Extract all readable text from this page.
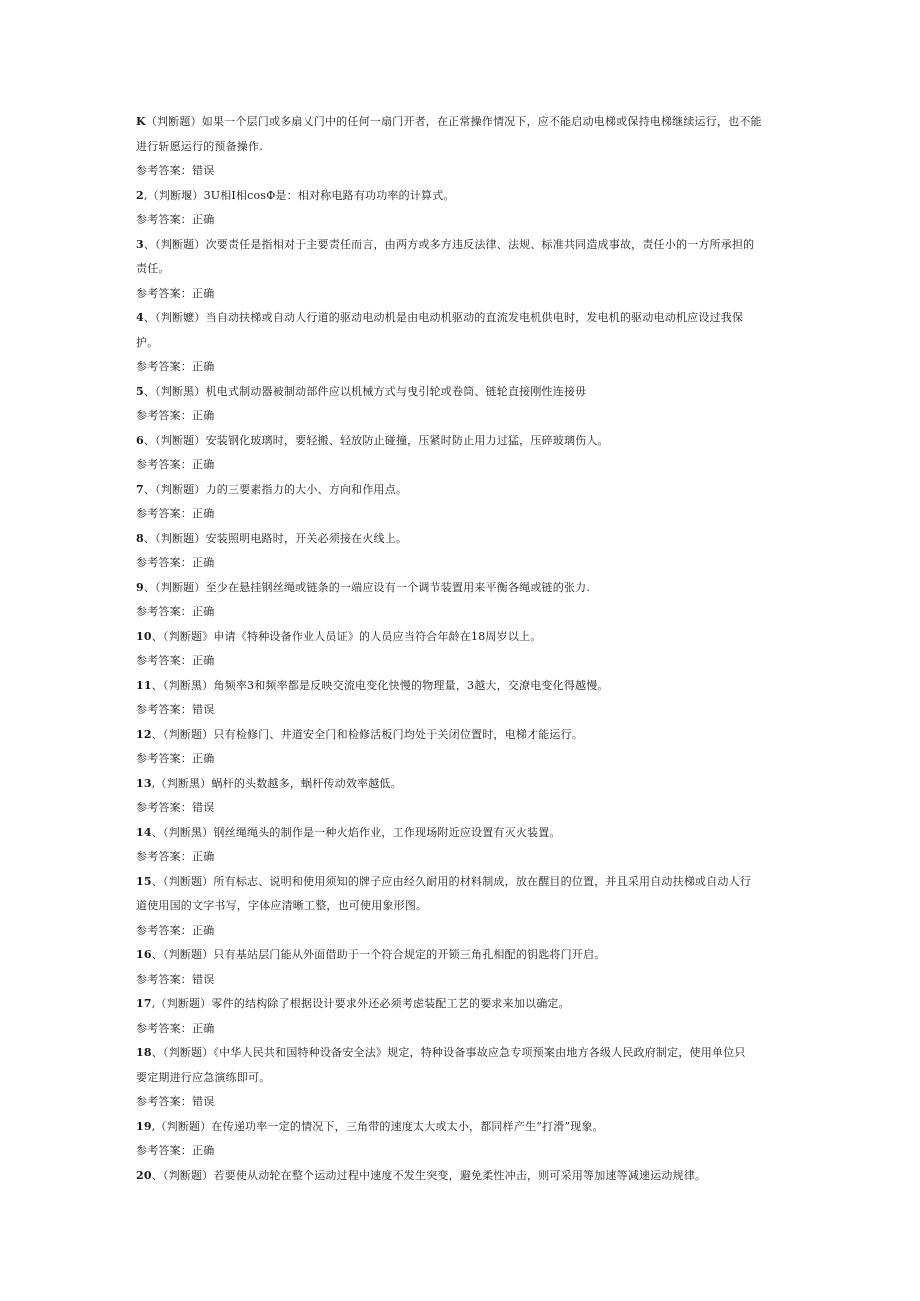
K（判断题）如果一个层门或多扇乂门中的任何一扇门开者，在正常操作情况下，应不能启动电梯或保持电梯继续运行，也不能
进行斩愿运行的预备操作.
参考答案：错误
2,（判断堰）3U相I相cosΦ是：相对称电路有功功率的计算式。
参考答案：正确
3、（判断题）次要责任是指相对于主要责任而言，由两方或多方违反法律、法规、标准共同造成事故，责任小的一方所承担的
责任。
参考答案：正确
4、（判断嬷）当自动扶梯或自动人行道的驱动电动机是由电动机驱动的直流发电机供电时，发电机的驱动电动机应设过我保
护。
参考答案：正确
5、（判断黑）机电式制动器被制动部件应以机械方式与曳引轮或卷筒、链轮直接刚性连接毋
参考答案：正确
6、（判断题）安装钢化玻璃时，要轻搬、轻放防止碰撞，压紧时防止用力过猛，压碎玻璃伤人。
参考答案：正确
7、（判断题）力的三要素指力的大小、方向和作用点。
参考答案：正确
8、（判断题）安装照明电路时，开关必须接在火线上。
参考答案：正确
9、（判断题）至少在悬挂钢丝绳或链条的一端应设有一个调节装置用来平衡各绳或链的张力.
参考答案：正确
10、（判断题》申请《特种设备作业人员证》的人员应当符合年龄在18周岁以上。
参考答案：正确
11、（判断黑）角频率3和频率都是反映交流电变化快慢的物理量，3越大，交潦电变化得越慢。
参考答案：错误
12、（判断题）只有检修门、井道安全门和检修活板门均处于关闭位置时，电梯才能运行。
参考答案：正确
13,（判断黑）蜗杆的头数越多，蜗杆传动效率越低。
参考答案：错误
14、（判断黑）钢丝绳绳头的制作是一种火焰作业，工作现场附近应设置有灭火装置。
参考答案：正确
15、（判断题）所有标志、说明和使用须知的牌子应由经久耐用的材料制成，放在醒目的位置，并且采用自动扶梯或自动人行
道使用国的文字书写，字体应清晰工整，也可使用象形图。
参考答案：正确
16、（判断题）只有基站层门能从外面借助于一个符合规定的开锁三角孔相配的钥匙将门开启。
参考答案：错误
17,（判断题）零件的结构除了根据设计要求外还必须考虑装配工艺的要求来加以确定。
参考答案：正确
18、（判断题）《中华人民共和国特种设备安全法》规定，特种设备事故应急专项预案由地方各级人民政府制定，使用单位只
要定期进行应急演练即可。
参考答案：错误
19,（判断题）在传递功率一定的情况下，三角带的速度太大或太小，都同样产生“打滑”现象。
参考答案：正确
20、（判断题）若要使从动轮在整个运动过程中速度不发生突变，避免柔性冲击，则可采用等加速等减速运动规律。
